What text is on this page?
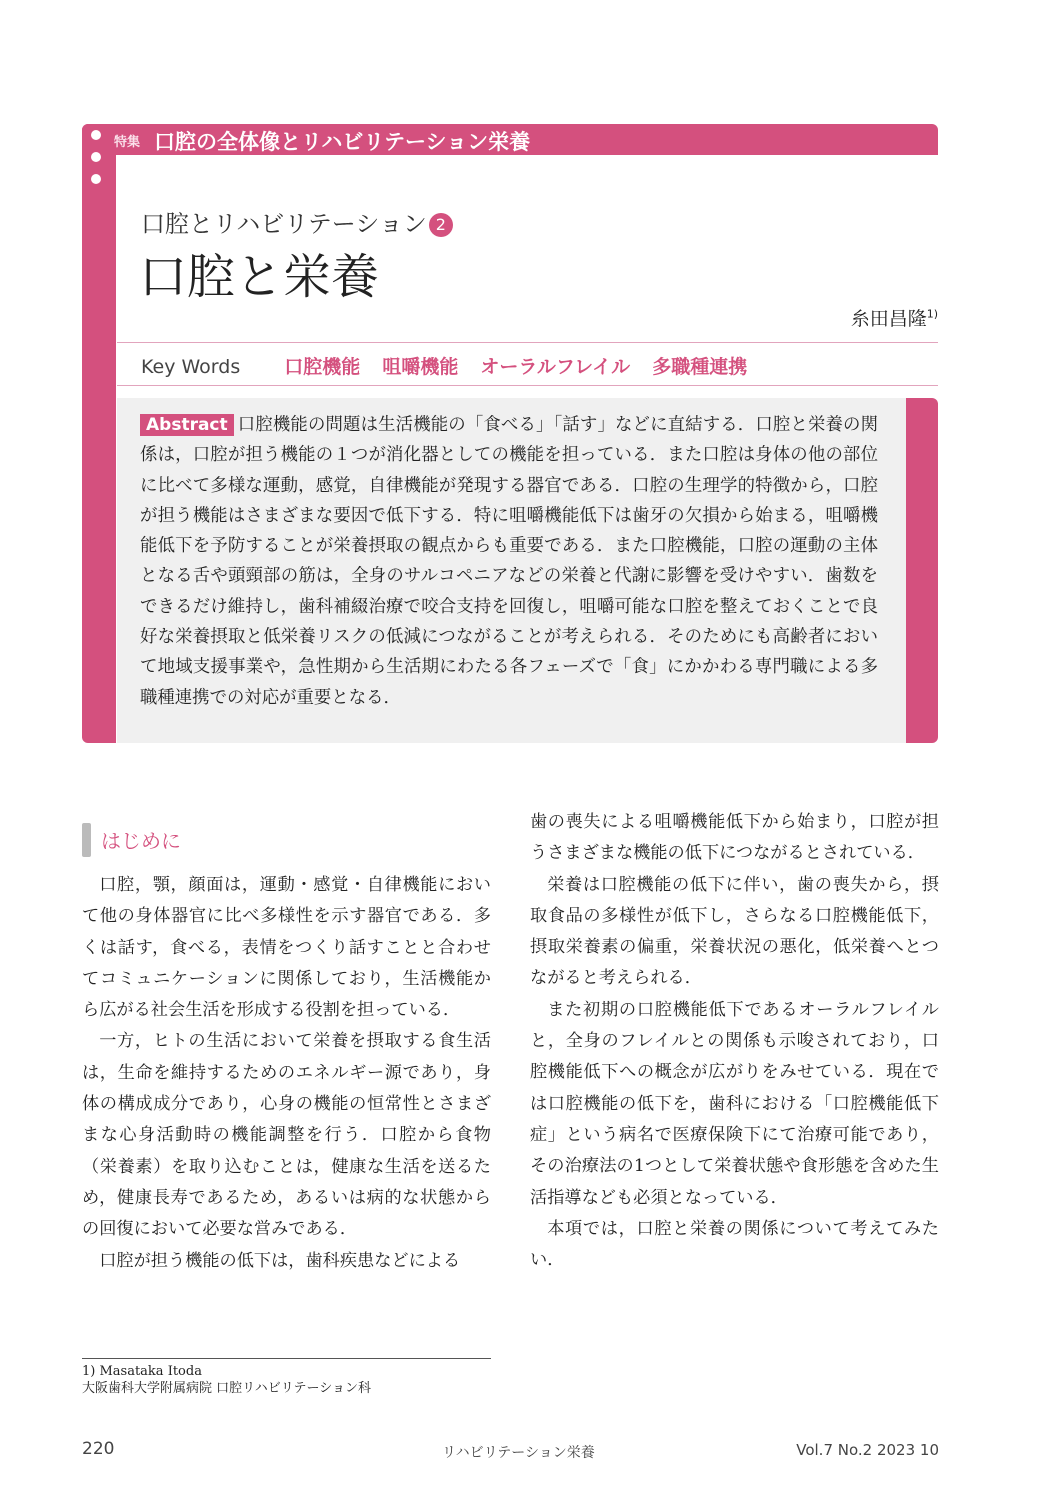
特集 口腔の全体像とリハビリテーション栄養
口腔とリハビリテーション 2
口腔と栄養
糸田昌隆$^{1)}$
Key Words 口腔機能 咀嚼機能 オーラルフレイル 多職種連携
Abstract 口腔機能の問題は生活機能の「食べる」「話す」などに直結する．口腔と栄養の関係は，口腔が担う機能の１つが消化器としての機能を担っている．また口腔は身体の他の部位に比べて多様な運動，感覚，自律機能が発現する器官である．口腔の生理学的特徴から，口腔が担う機能はさまざまな要因で低下する．特に咀嚼機能低下は歯牙の欠損から始まる，咀嚼機能低下を予防することが栄養摂取の観点からも重要である．また口腔機能，口腔の運動の主体となる舌や頭頸部の筋は，全身のサルコペニアなどの栄養と代謝に影響を受けやすい．歯数をできるだけ維持し，歯科補綴治療で咬合支持を回復し，咀嚼可能な口腔を整えておくことで良好な栄養摂取と低栄養リスクの低減につながることが考えられる．そのためにも高齢者において地域支援事業や，急性期から生活期にわたる各フェーズで「食」にかかわる専門職による多職種連携での対応が重要となる．
はじめに

口腔，顎，顔面は，運動・感覚・自律機能において他の身体器官に比べ多様性を示す器官である．多くは話す，食べる，表情をつくり話すことと合わせてコミュニケーションに関係しており，生活機能から広がる社会生活を形成する役割を担っている．

一方，ヒトの生活において栄養を摂取する食生活は，生命を維持するためのエネルギー源であり，身体の構成成分であり，心身の機能の恒常性とさまざまな心身活動時の機能調整を行う．口腔から食物（栄養素）を取り込むことは，健康な生活を送るため，健康長寿であるため，あるいは病的な状態からの回復において必要な営みである．

口腔が担う機能の低下は，歯科疾患などによる

歯の喪失による咀嚼機能低下から始まり，口腔が担うさまざまな機能の低下につながるとされている．

栄養は口腔機能の低下に伴い，歯の喪失から，摂取食品の多様性が低下し，さらなる口腔機能低下，摂取栄養素の偏重，栄養状況の悪化，低栄養へとつながると考えられる．

また初期の口腔機能低下であるオーラルフレイルと，全身のフレイルとの関係も示唆されており，口腔機能低下への概念が広がりをみせている．現在では口腔機能の低下を，歯科における「口腔機能低下症」という病名で医療保険下にて治療可能であり，その治療法の1つとして栄養状態や食形態を含めた生活指導なども必須となっている．

本項では，口腔と栄養の関係について考えてみたい．

1) Masataka Itoda
大阪歯科大学附属病院 口腔リハビリテーション科
220	リハビリテーション栄養	Vol.7 No.2 2023 10
